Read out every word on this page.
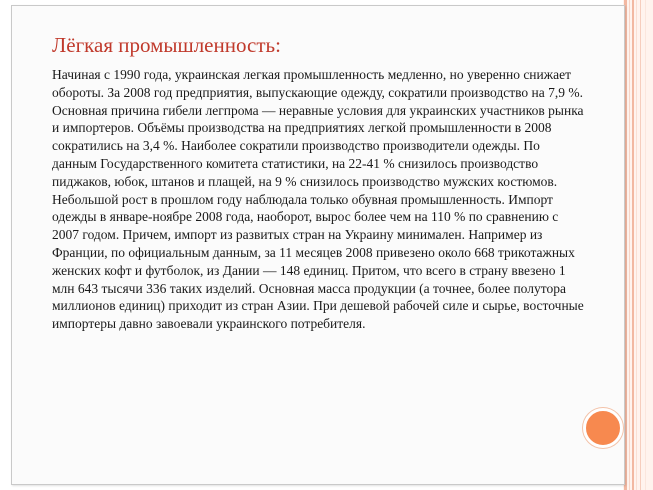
Лёгкая промышленность:

Начиная с 1990 года, украинская легкая промышленность медленно, но уверенно снижает обороты. За 2008 год предприятия, выпускающие одежду, сократили производство на 7,9 %. Основная причина гибели легпрома — неравные условия для украинских участников рынка и импортеров. Объёмы производства на предприятиях легкой промышленности в 2008 сократились на 3,4 %. Наиболее сократили производство производители одежды. По данным Государственного комитета статистики, на 22-41 % снизилось производство пиджаков, юбок, штанов и плащей, на 9 % снизилось производство мужских костюмов. Небольшой рост в прошлом году наблюдала только обувная промышленность. Импорт одежды в январе-ноябре 2008 года, наоборот, вырос более чем на 110 % по сравнению с 2007 годом. Причем, импорт из развитых стран на Украину минимален. Например из Франции, по официальным данным, за 11 месяцев 2008 привезено около 668 трикотажных женских кофт и футболок, из Дании — 148 единиц. Притом, что всего в страну ввезено 1 млн 643 тысячи 336 таких изделий. Основная масса продукции (а точнее, более полутора миллионов единиц) приходит из стран Азии. При дешевой рабочей силе и сырье, восточные импортеры давно завоевали украинского потребителя.
